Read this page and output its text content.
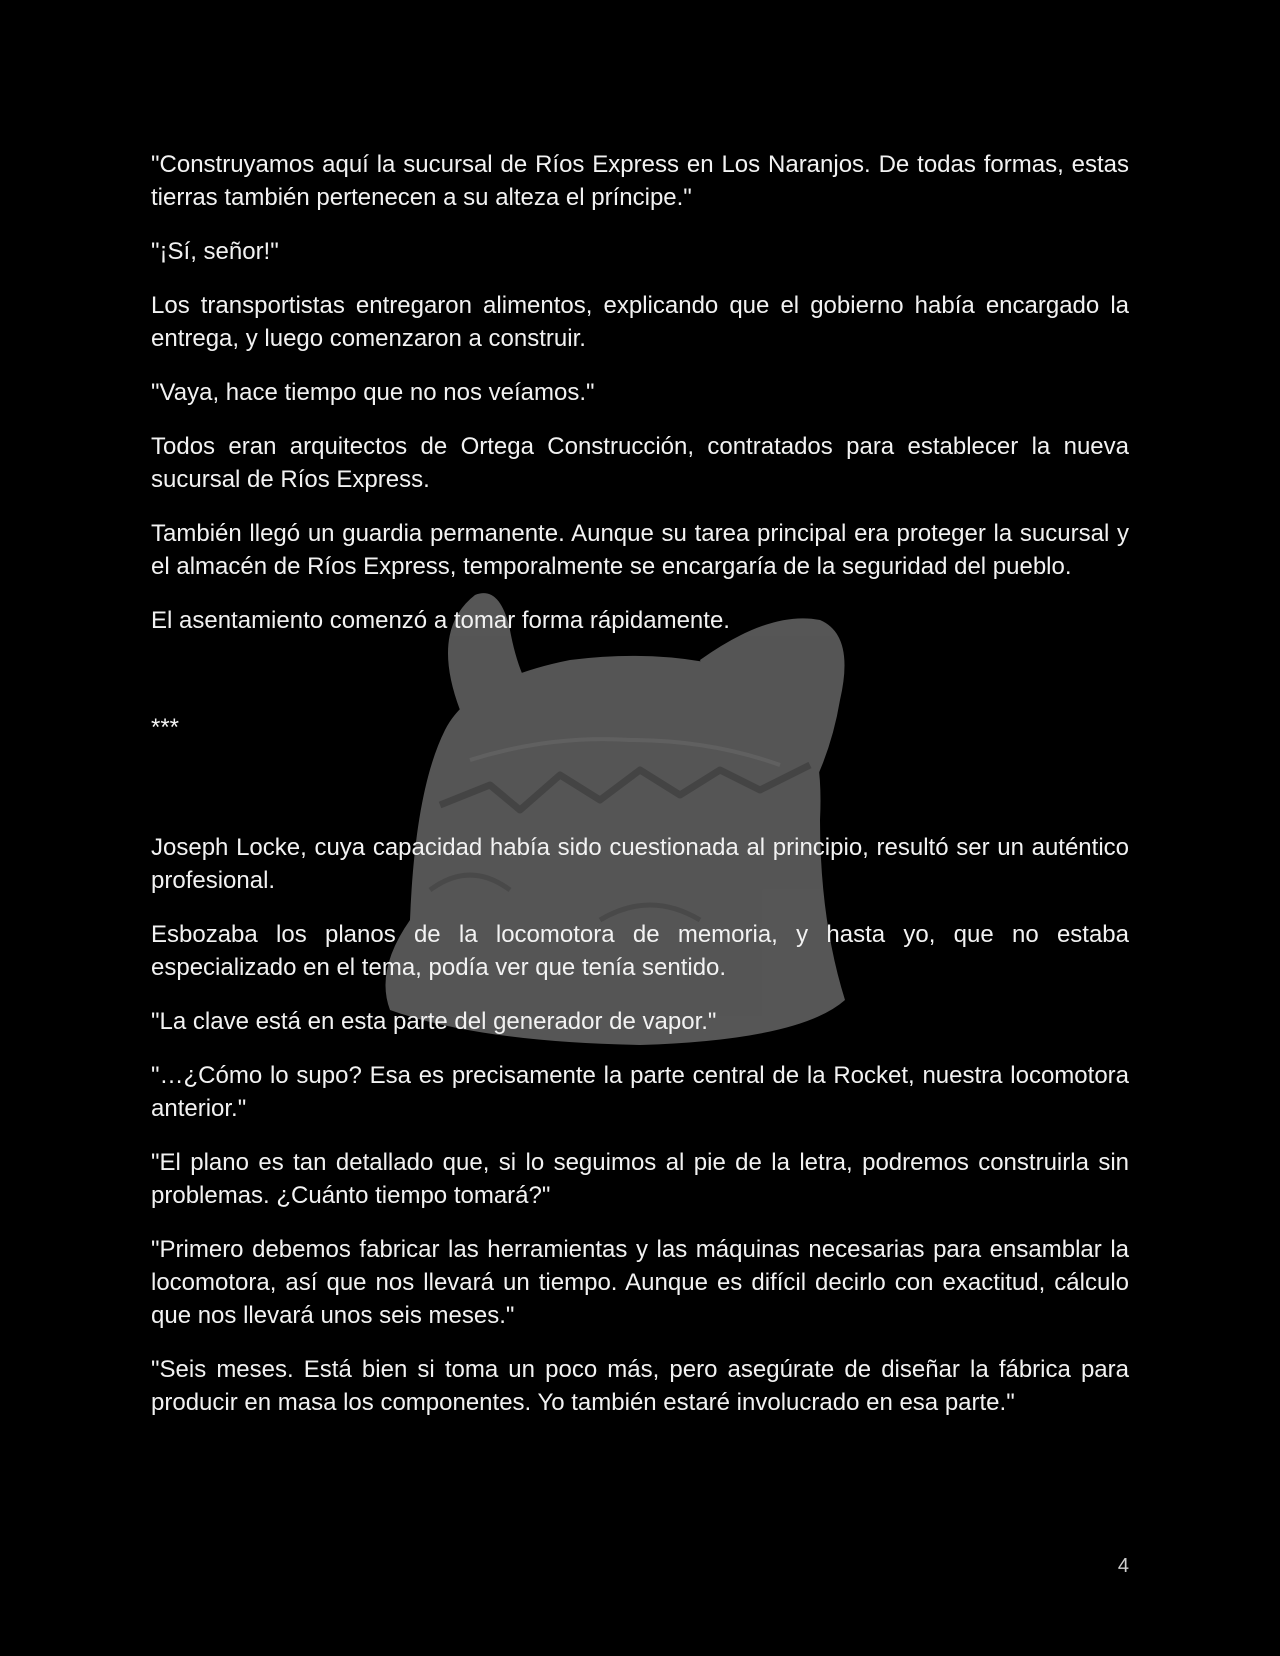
"Construyamos aquí la sucursal de Ríos Express en Los Naranjos. De todas formas, estas tierras también pertenecen a su alteza el príncipe."

"¡Sí, señor!"

Los transportistas entregaron alimentos, explicando que el gobierno había encargado la entrega, y luego comenzaron a construir.

"Vaya, hace tiempo que no nos veíamos."

Todos eran arquitectos de Ortega Construcción, contratados para establecer la nueva sucursal de Ríos Express.

También llegó un guardia permanente. Aunque su tarea principal era proteger la sucursal y el almacén de Ríos Express, temporalmente se encargaría de la seguridad del pueblo.

El asentamiento comenzó a tomar forma rápidamente.

***

Joseph Locke, cuya capacidad había sido cuestionada al principio, resultó ser un auténtico profesional.

Esbozaba los planos de la locomotora de memoria, y hasta yo, que no estaba especializado en el tema, podía ver que tenía sentido.

"La clave está en esta parte del generador de vapor."

"…¿Cómo lo supo? Esa es precisamente la parte central de la Rocket, nuestra locomotora anterior."

"El plano es tan detallado que, si lo seguimos al pie de la letra, podremos construirla sin problemas. ¿Cuánto tiempo tomará?"

"Primero debemos fabricar las herramientas y las máquinas necesarias para ensamblar la locomotora, así que nos llevará un tiempo. Aunque es difícil decirlo con exactitud, cálculo que nos llevará unos seis meses."

"Seis meses. Está bien si toma un poco más, pero asegúrate de diseñar la fábrica para producir en masa los componentes. Yo también estaré involucrado en esa parte."

4
